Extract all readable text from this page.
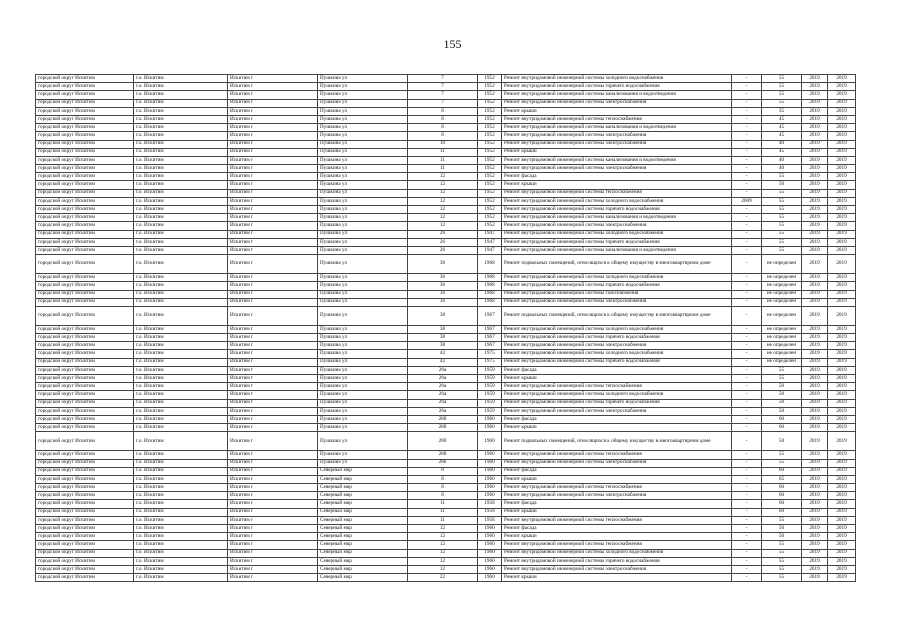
155
городской округ Искитим	г.о. Искитим	Искитим г	Пушкина ул	7	1952	Ремонт внутридомовой инженерной системы холодного водоснабжения	-	55	2019	2019
городской округ Искитим	г.о. Искитим	Искитим г	Пушкина ул	7	1952	Ремонт внутридомовой инженерной системы горячего водоснабжения	-	55	2019	2019
городской округ Искитим	г.о. Искитим	Искитим г	Пушкина ул	7	1952	Ремонт внутридомовой инженерной системы канализования и водоотведения	-	55	2019	2019
городской округ Искитим	г.о. Искитим	Искитим г	Пушкина ул	7	1952	Ремонт внутридомовой инженерной системы электроснабжения	-	55	2019	2019
городской округ Искитим	г.о. Искитим	Искитим г	Пушкина ул	8	1952	Ремонт крыши	-	35	2019	2019
городской округ Искитим	г.о. Искитим	Искитим г	Пушкина ул	8	1952	Ремонт внутридомовой инженерной системы теплоснабжения	-	45	2019	2019
городской округ Искитим	г.о. Искитим	Искитим г	Пушкина ул	8	1952	Ремонт внутридомовой инженерной системы канализования и водоотведения	-	45	2019	2019
городской округ Искитим	г.о. Искитим	Искитим г	Пушкина ул	8	1952	Ремонт внутридомовой инженерной системы электроснабжения	-	45	2019	2019
городской округ Искитим	г.о. Искитим	Искитим г	Пушкина ул	10	1952	Ремонт внутридомовой инженерной системы электроснабжения	-	40	2019	2019
городской округ Искитим	г.о. Искитим	Искитим г	Пушкина ул	11	1952	Ремонт крыши	-	45	2019	2019
городской округ Искитим	г.о. Искитим	Искитим г	Пушкина ул	11	1952	Ремонт внутридомовой инженерной системы канализования и водоотведения	-	40	2019	2019
городской округ Искитим	г.о. Искитим	Искитим г	Пушкина ул	11	1952	Ремонт внутридомовой инженерной системы электроснабжения	-	40	2019	2019
городской округ Искитим	г.о. Искитим	Искитим г	Пушкина ул	12	1952	Ремонт фасада	-	55	2019	2019
городской округ Искитим	г.о. Искитим	Искитим г	Пушкина ул	12	1952	Ремонт крыши	-	50	2019	2019
городской округ Искитим	г.о. Искитим	Искитим г	Пушкина ул	12	1952	Ремонт внутридомовой инженерной системы теплоснабжения	-	55	2019	2019
городской округ Искитим	г.о. Искитим	Искитим г	Пушкина ул	12	1952	Ремонт внутридомовой инженерной системы холодного водоснабжения	2009	55	2019	2019
городской округ Искитим	г.о. Искитим	Искитим г	Пушкина ул	12	1952	Ремонт внутридомовой инженерной системы горячего водоснабжения	-	55	2019	2019
городской округ Искитим	г.о. Искитим	Искитим г	Пушкина ул	12	1952	Ремонт внутридомовой инженерной системы канализования и водоотведения	-	55	2019	2019
городской округ Искитим	г.о. Искитим	Искитим г	Пушкина ул	12	1952	Ремонт внутридомовой инженерной системы электроснабжения	-	55	2019	2019
городской округ Искитим	г.о. Искитим	Искитим г	Пушкина ул	26	1947	Ремонт внутридомовой инженерной системы холодного водоснабжения	-	55	2019	2019
городской округ Искитим	г.о. Искитим	Искитим г	Пушкина ул	26	1947	Ремонт внутридомовой инженерной системы горячего водоснабжения	-	55	2019	2019
городской округ Искитим	г.о. Искитим	Искитим г	Пушкина ул	26	1947	Ремонт внутридомовой инженерной системы канализования и водоотведения	-	55	2019	2019
городской округ Искитим	г.о. Искитим	Искитим г	Пушкина ул	36	1968	Ремонт подвальных помещений, относящихся к общему имуществу в многоквартирном доме	-	не определен	2019	2019
городской округ Искитим	г.о. Искитим	Искитим г	Пушкина ул	36	1968	Ремонт внутридомовой инженерной системы холодного водоснабжения	-	не определен	2019	2019
городской округ Искитим	г.о. Искитим	Искитим г	Пушкина ул	36	1968	Ремонт внутридомовой инженерной системы горячего водоснабжения	-	не определен	2019	2019
городской округ Искитим	г.о. Искитим	Искитим г	Пушкина ул	36	1968	Ремонт внутридомовой инженерной системы газоснабжения	-	не определен	2019	2019
городской округ Искитим	г.о. Искитим	Искитим г	Пушкина ул	36	1968	Ремонт внутридомовой инженерной системы электроснабжения	-	не определен	2019	2019
городской округ Искитим	г.о. Искитим	Искитим г	Пушкина ул	38	1967	Ремонт подвальных помещений, относящихся к общему имуществу в многоквартирном доме	-	не определен	2019	2019
городской округ Искитим	г.о. Искитим	Искитим г	Пушкина ул	38	1967	Ремонт внутридомовой инженерной системы холодного водоснабжения	-	не определен	2019	2019
городской округ Искитим	г.о. Искитим	Искитим г	Пушкина ул	38	1967	Ремонт внутридомовой инженерной системы горячего водоснабжения	-	не определен	2019	2019
городской округ Искитим	г.о. Искитим	Искитим г	Пушкина ул	38	1967	Ремонт внутридомовой инженерной системы электроснабжения	-	не определен	2019	2019
городской округ Искитим	г.о. Искитим	Искитим г	Пушкина ул	42	1975	Ремонт внутридомовой инженерной системы холодного водоснабжения	-	не определен	2019	2019
городской округ Искитим	г.о. Искитим	Искитим г	Пушкина ул	42	1975	Ремонт внутридомовой инженерной системы горячего водоснабжения	-	не определен	2019	2019
городской округ Искитим	г.о. Искитим	Искитим г	Пушкина ул	26а	1959	Ремонт фасада	-	55	2019	2019
городской округ Искитим	г.о. Искитим	Искитим г	Пушкина ул	26а	1959	Ремонт крыши	-	55	2019	2019
городской округ Искитим	г.о. Искитим	Искитим г	Пушкина ул	26а	1959	Ремонт внутридомовой инженерной системы теплоснабжения	-	50	2019	2019
городской округ Искитим	г.о. Искитим	Искитим г	Пушкина ул	26а	1959	Ремонт внутридомовой инженерной системы холодного водоснабжения	-	50	2019	2019
городской округ Искитим	г.о. Искитим	Искитим г	Пушкина ул	26а	1959	Ремонт внутридомовой инженерной системы горячего водоснабжения	-	50	2019	2019
городской округ Искитим	г.о. Искитим	Искитим г	Пушкина ул	26а	1959	Ремонт внутридомовой инженерной системы электроснабжения	-	50	2019	2019
городской округ Искитим	г.о. Искитим	Искитим г	Пушкина ул	28б	1960	Ремонт фасада	-	60	2019	2019
городской округ Искитим	г.о. Искитим	Искитим г	Пушкина ул	28б	1960	Ремонт крыши	-	60	2019	2019
городской округ Искитим	г.о. Искитим	Искитим г	Пушкина ул	28б	1960	Ремонт подвальных помещений, относящихся к общему имуществу в многоквартирном доме	-	50	2019	2019
городской округ Искитим	г.о. Искитим	Искитим г	Пушкина ул	28б	1960	Ремонт внутридомовой инженерной системы теплоснабжения	-	55	2019	2019
городской округ Искитим	г.о. Искитим	Искитим г	Пушкина ул	28б	1960	Ремонт внутридомовой инженерной системы электроснабжения	-	55	2019	2019
городской округ Искитим	г.о. Искитим	Искитим г	Северный мкр	8	1960	Ремонт фасада	-	60	2019	2019
городской округ Искитим	г.о. Искитим	Искитим г	Северный мкр	8	1960	Ремонт крыши	-	65	2019	2019
городской округ Искитим	г.о. Искитим	Искитим г	Северный мкр	8	1960	Ремонт внутридомовой инженерной системы теплоснабжения	-	60	2019	2019
городской округ Искитим	г.о. Искитим	Искитим г	Северный мкр	8	1960	Ремонт внутридомовой инженерной системы электроснабжения	-	60	2019	2019
городской округ Искитим	г.о. Искитим	Искитим г	Северный мкр	11	1958	Ремонт фасада	-	60	2019	2019
городской округ Искитим	г.о. Искитим	Искитим г	Северный мкр	11	1958	Ремонт крыши	-	60	2019	2019
городской округ Искитим	г.о. Искитим	Искитим г	Северный мкр	11	1958	Ремонт внутридомовой инженерной системы теплоснабжения	-	55	2019	2019
городской округ Искитим	г.о. Искитим	Искитим г	Северный мкр	12	1960	Ремонт фасада	-	50	2019	2019
городской округ Искитим	г.о. Искитим	Искитим г	Северный мкр	12	1960	Ремонт крыши	-	50	2019	2019
городской округ Искитим	г.о. Искитим	Искитим г	Северный мкр	12	1960	Ремонт внутридомовой инженерной системы теплоснабжения	-	55	2019	2019
городской округ Искитим	г.о. Искитим	Искитим г	Северный мкр	12	1960	Ремонт внутридомовой инженерной системы холодного водоснабжения	-	55	2019	2019
городской округ Искитим	г.о. Искитим	Искитим г	Северный мкр	12	1960	Ремонт внутридомовой инженерной системы горячего водоснабжения	-	55	2019	2019
городской округ Искитим	г.о. Искитим	Искитим г	Северный мкр	12	1960	Ремонт внутридомовой инженерной системы электроснабжения	-	55	2019	2019
городской округ Искитим	г.о. Искитим	Искитим г	Северный мкр	22	1960	Ремонт крыши	-	55	2019	2019
